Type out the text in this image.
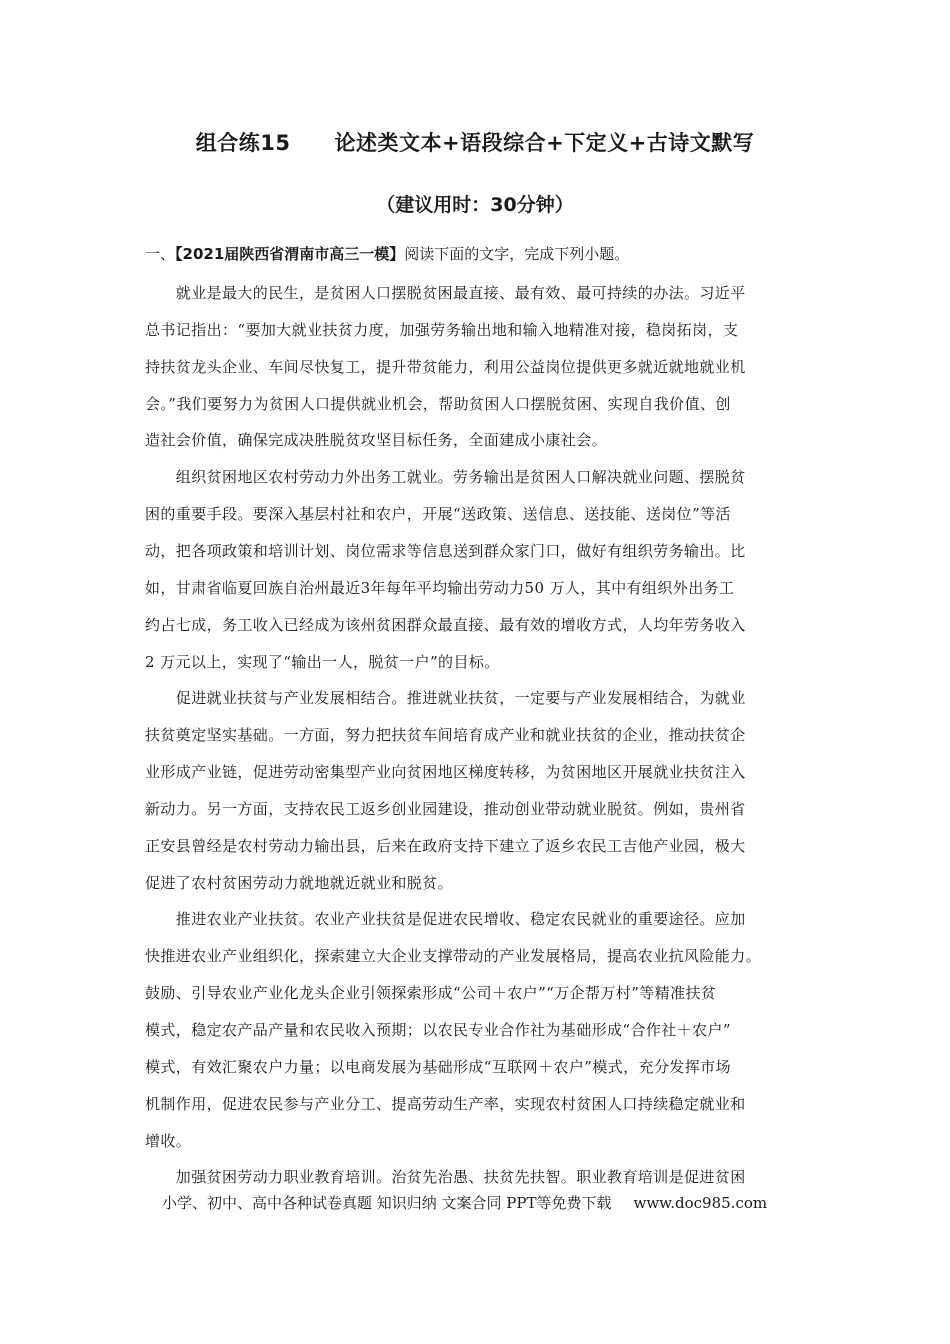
组合练15 论述类文本+语段综合+下定义+古诗文默写
（建议用时：30分钟）
一、【2021届陕西省渭南市高三一模】阅读下面的文字，完成下列小题。
　　就业是最大的民生，是贫困人口摆脱贫困最直接、最有效、最可持续的办法。习近平
总书记指出：“要加大就业扶贫力度，加强劳务输出地和输入地精准对接，稳岗拓岗，支
持扶贫龙头企业、车间尽快复工，提升带贫能力，利用公益岗位提供更多就近就地就业机
会。”我们要努力为贫困人口提供就业机会，帮助贫困人口摆脱贫困、实现自我价值、创
造社会价值，确保完成决胜脱贫攻坚目标任务，全面建成小康社会。
　　组织贫困地区农村劳动力外出务工就业。劳务输出是贫困人口解决就业问题、摆脱贫
困的重要手段。要深入基层村社和农户，开展“送政策、送信息、送技能、送岗位”等活
动，把各项政策和培训计划、岗位需求等信息送到群众家门口，做好有组织劳务输出。比
如，甘肃省临夏回族自治州最近3年每年平均输出劳动力50 万人，其中有组织外出务工
约占七成，务工收入已经成为该州贫困群众最直接、最有效的增收方式，人均年劳务收入
2 万元以上，实现了“输出一人，脱贫一户”的目标。
　　促进就业扶贫与产业发展相结合。推进就业扶贫，一定要与产业发展相结合，为就业
扶贫奠定坚实基础。一方面，努力把扶贫车间培育成产业和就业扶贫的企业，推动扶贫企
业形成产业链，促进劳动密集型产业向贫困地区梯度转移，为贫困地区开展就业扶贫注入
新动力。另一方面，支持农民工返乡创业园建设，推动创业带动就业脱贫。例如，贵州省
正安县曾经是农村劳动力输出县，后来在政府支持下建立了返乡农民工吉他产业园，极大
促进了农村贫困劳动力就地就近就业和脱贫。
　　推进农业产业扶贫。农业产业扶贫是促进农民增收、稳定农民就业的重要途径。应加
快推进农业产业组织化，探索建立大企业支撑带动的产业发展格局，提高农业抗风险能力。
鼓励、引导农业产业化龙头企业引领探索形成“公司＋农户”“万企帮万村”等精准扶贫
模式，稳定农产品产量和农民收入预期；以农民专业合作社为基础形成“合作社＋农户”
模式，有效汇聚农户力量；以电商发展为基础形成“互联网＋农户”模式，充分发挥市场
机制作用，促进农民参与产业分工、提高劳动生产率，实现农村贫困人口持续稳定就业和
增收。
　　加强贫困劳动力职业教育培训。治贫先治愚、扶贫先扶智。职业教育培训是促进贫困
小学、初中、高中各种试卷真题 知识归纳 文案合同 PPT等免费下载 www.doc985.com
